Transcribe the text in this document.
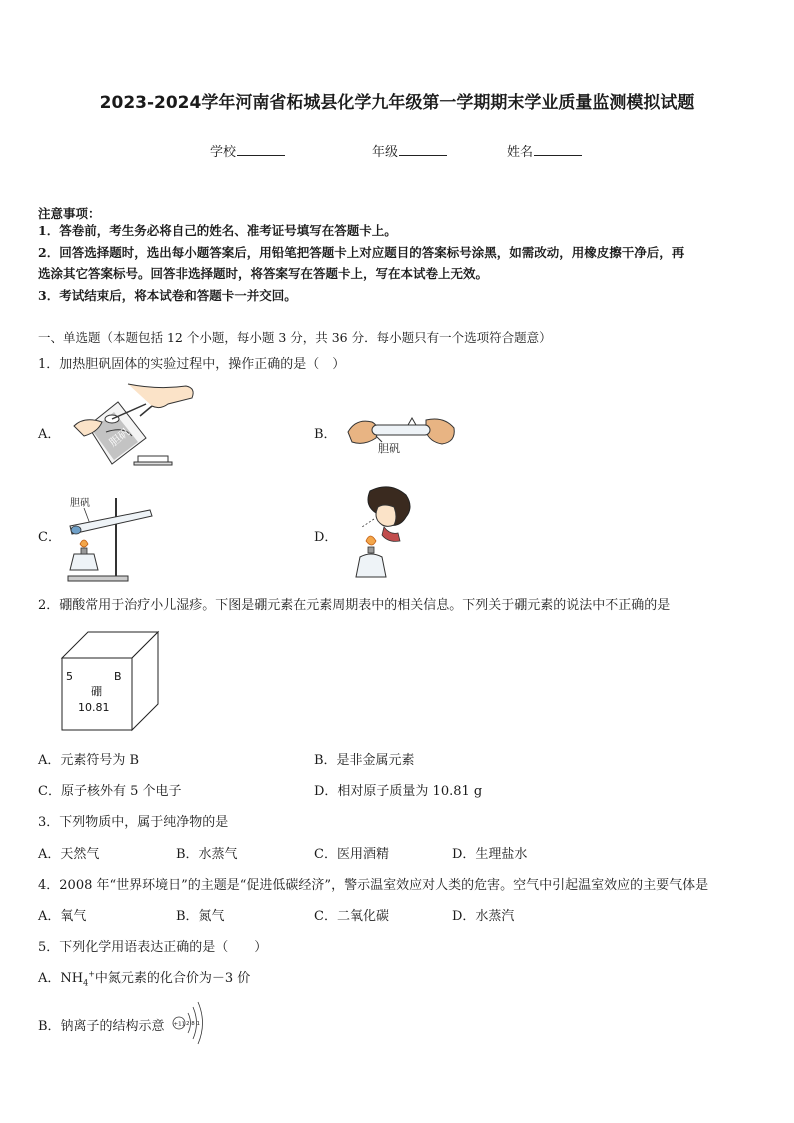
2023-2024学年河南省柘城县化学九年级第一学期期末学业质量监测模拟试题
学校	年级	姓名
注意事项：
1．答卷前，考生务必将自己的姓名、准考证号填写在答题卡上。
2．回答选择题时，选出每小题答案后，用铅笔把答题卡上对应题目的答案标号涂黑，如需改动，用橡皮擦干净后，再
选涂其它答案标号。回答非选择题时，将答案写在答题卡上，写在本试卷上无效。
3．考试结束后，将本试卷和答题卡一并交回。
一、单选题（本题包括 12 个小题，每小题 3 分，共 36 分．每小题只有一个选项符合题意）
1．加热胆矾固体的实验过程中，操作正确的是（　）
A．	B．
C．	D．
胆矾	胆矾
胆矾
2．硼酸常用于治疗小儿湿疹。下图是硼元素在元素周期表中的相关信息。下列关于硼元素的说法中不正确的是
5	B
硼
10.81
A．元素符号为 B	B．是非金属元素
C．原子核外有 5 个电子	D．相对原子质量为 10.81 g
3．下列物质中，属于纯净物的是
A．天然气	B．水蒸气	C．医用酒精	D．生理盐水
4．2008 年“世界环境日”的主题是“促进低碳经济”，警示温室效应对人类的危害。空气中引起温室效应的主要气体是
A．氧气	B．氮气	C．二氧化碳	D．水蒸汽
5．下列化学用语表达正确的是（　　）
A．$NH_4^+$中氮元素的化合价为－3 价
B．钠离子的结构示意 +11 2 8 1
